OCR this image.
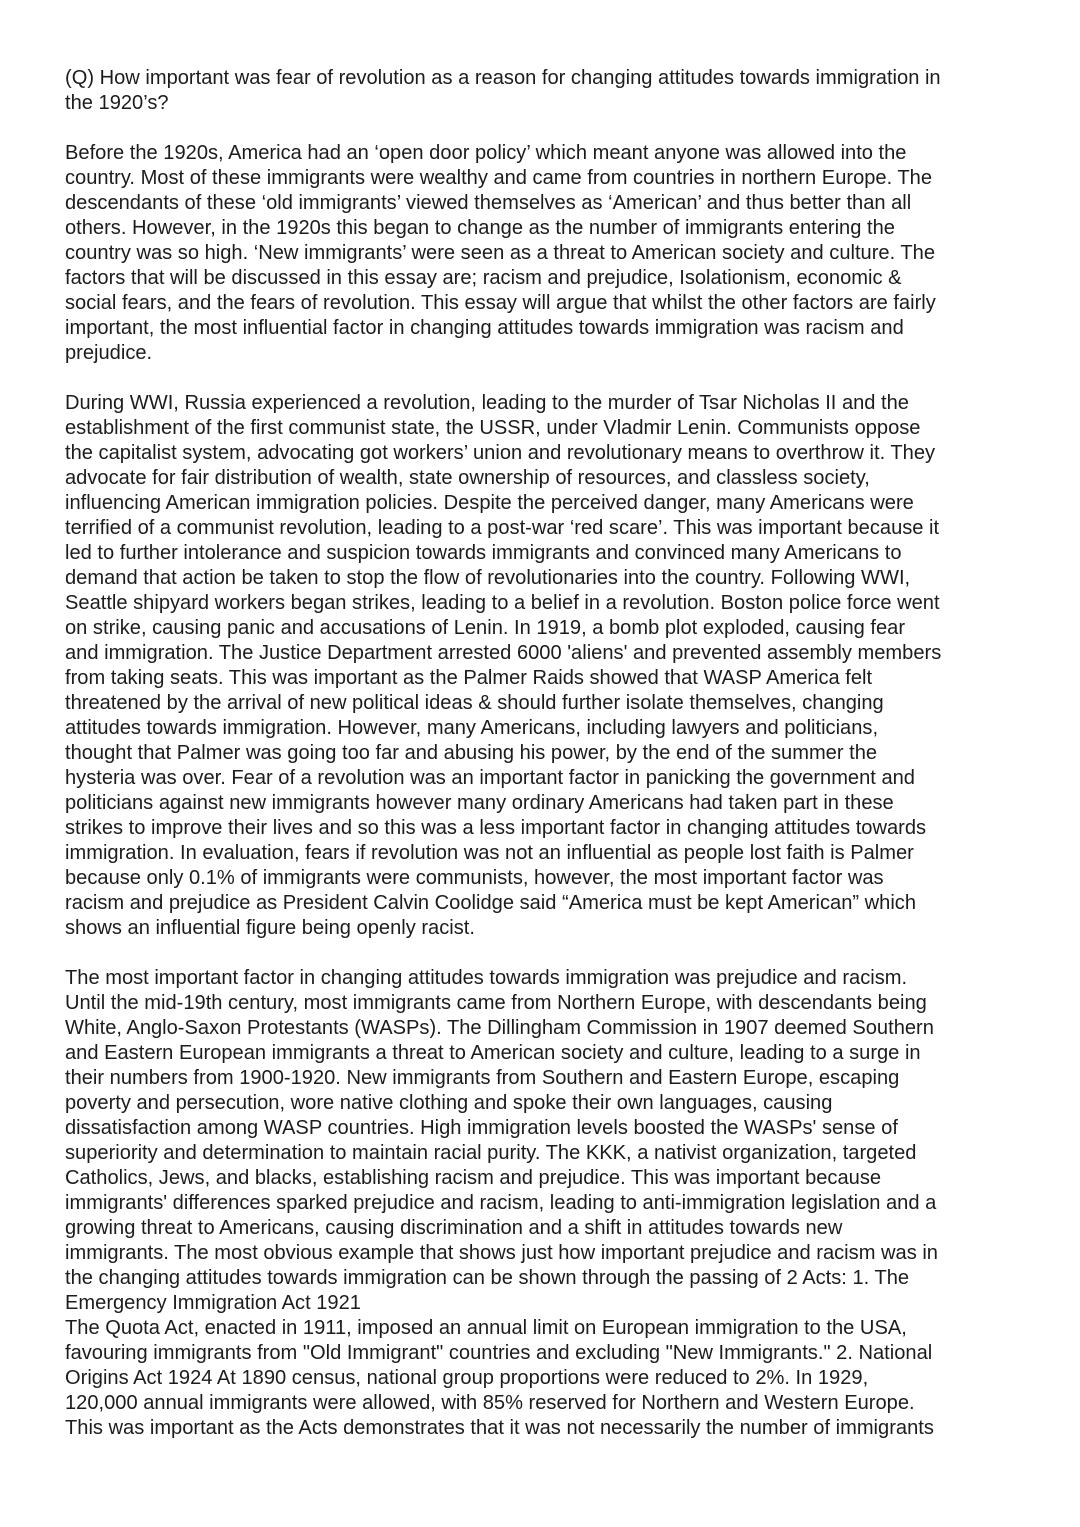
(Q) How important was fear of revolution as a reason for changing attitudes towards immigration in
the 1920’s?
Before the 1920s, America had an ‘open door policy’ which meant anyone was allowed into the
country. Most of these immigrants were wealthy and came from countries in northern Europe. The
descendants of these ‘old immigrants’ viewed themselves as ‘American’ and thus better than all
others. However, in the 1920s this began to change as the number of immigrants entering the
country was so high. ‘New immigrants’ were seen as a threat to American society and culture. The
factors that will be discussed in this essay are; racism and prejudice, Isolationism, economic &
social fears, and the fears of revolution. This essay will argue that whilst the other factors are fairly
important, the most influential factor in changing attitudes towards immigration was racism and
prejudice.
During WWI, Russia experienced a revolution, leading to the murder of Tsar Nicholas II and the
establishment of the first communist state, the USSR, under Vladmir Lenin. Communists oppose
the capitalist system, advocating got workers’ union and revolutionary means to overthrow it. They
advocate for fair distribution of wealth, state ownership of resources, and classless society,
influencing American immigration policies. Despite the perceived danger, many Americans were
terrified of a communist revolution, leading to a post-war ‘red scare’. This was important because it
led to further intolerance and suspicion towards immigrants and convinced many Americans to
demand that action be taken to stop the flow of revolutionaries into the country. Following WWI,
Seattle shipyard workers began strikes, leading to a belief in a revolution. Boston police force went
on strike, causing panic and accusations of Lenin. In 1919, a bomb plot exploded, causing fear
and immigration. The Justice Department arrested 6000 'aliens' and prevented assembly members
from taking seats. This was important as the Palmer Raids showed that WASP America felt
threatened by the arrival of new political ideas & should further isolate themselves, changing
attitudes towards immigration. However, many Americans, including lawyers and politicians,
thought that Palmer was going too far and abusing his power, by the end of the summer the
hysteria was over. Fear of a revolution was an important factor in panicking the government and
politicians against new immigrants however many ordinary Americans had taken part in these
strikes to improve their lives and so this was a less important factor in changing attitudes towards
immigration. In evaluation, fears if revolution was not an influential as people lost faith is Palmer
because only 0.1% of immigrants were communists, however, the most important factor was
racism and prejudice as President Calvin Coolidge said “America must be kept American” which
shows an influential figure being openly racist.
The most important factor in changing attitudes towards immigration was prejudice and racism.
Until the mid-19th century, most immigrants came from Northern Europe, with descendants being
White, Anglo-Saxon Protestants (WASPs). The Dillingham Commission in 1907 deemed Southern
and Eastern European immigrants a threat to American society and culture, leading to a surge in
their numbers from 1900-1920. New immigrants from Southern and Eastern Europe, escaping
poverty and persecution, wore native clothing and spoke their own languages, causing
dissatisfaction among WASP countries. High immigration levels boosted the WASPs' sense of
superiority and determination to maintain racial purity. The KKK, a nativist organization, targeted
Catholics, Jews, and blacks, establishing racism and prejudice. This was important because
immigrants' differences sparked prejudice and racism, leading to anti-immigration legislation and a
growing threat to Americans, causing discrimination and a shift in attitudes towards new
immigrants. The most obvious example that shows just how important prejudice and racism was in
the changing attitudes towards immigration can be shown through the passing of 2 Acts: 1. The
Emergency Immigration Act 1921
The Quota Act, enacted in 1911, imposed an annual limit on European immigration to the USA,
favouring immigrants from "Old Immigrant" countries and excluding "New Immigrants." 2. National
Origins Act 1924 At 1890 census, national group proportions were reduced to 2%. In 1929,
120,000 annual immigrants were allowed, with 85% reserved for Northern and Western Europe.
This was important as the Acts demonstrates that it was not necessarily the number of immigrants
